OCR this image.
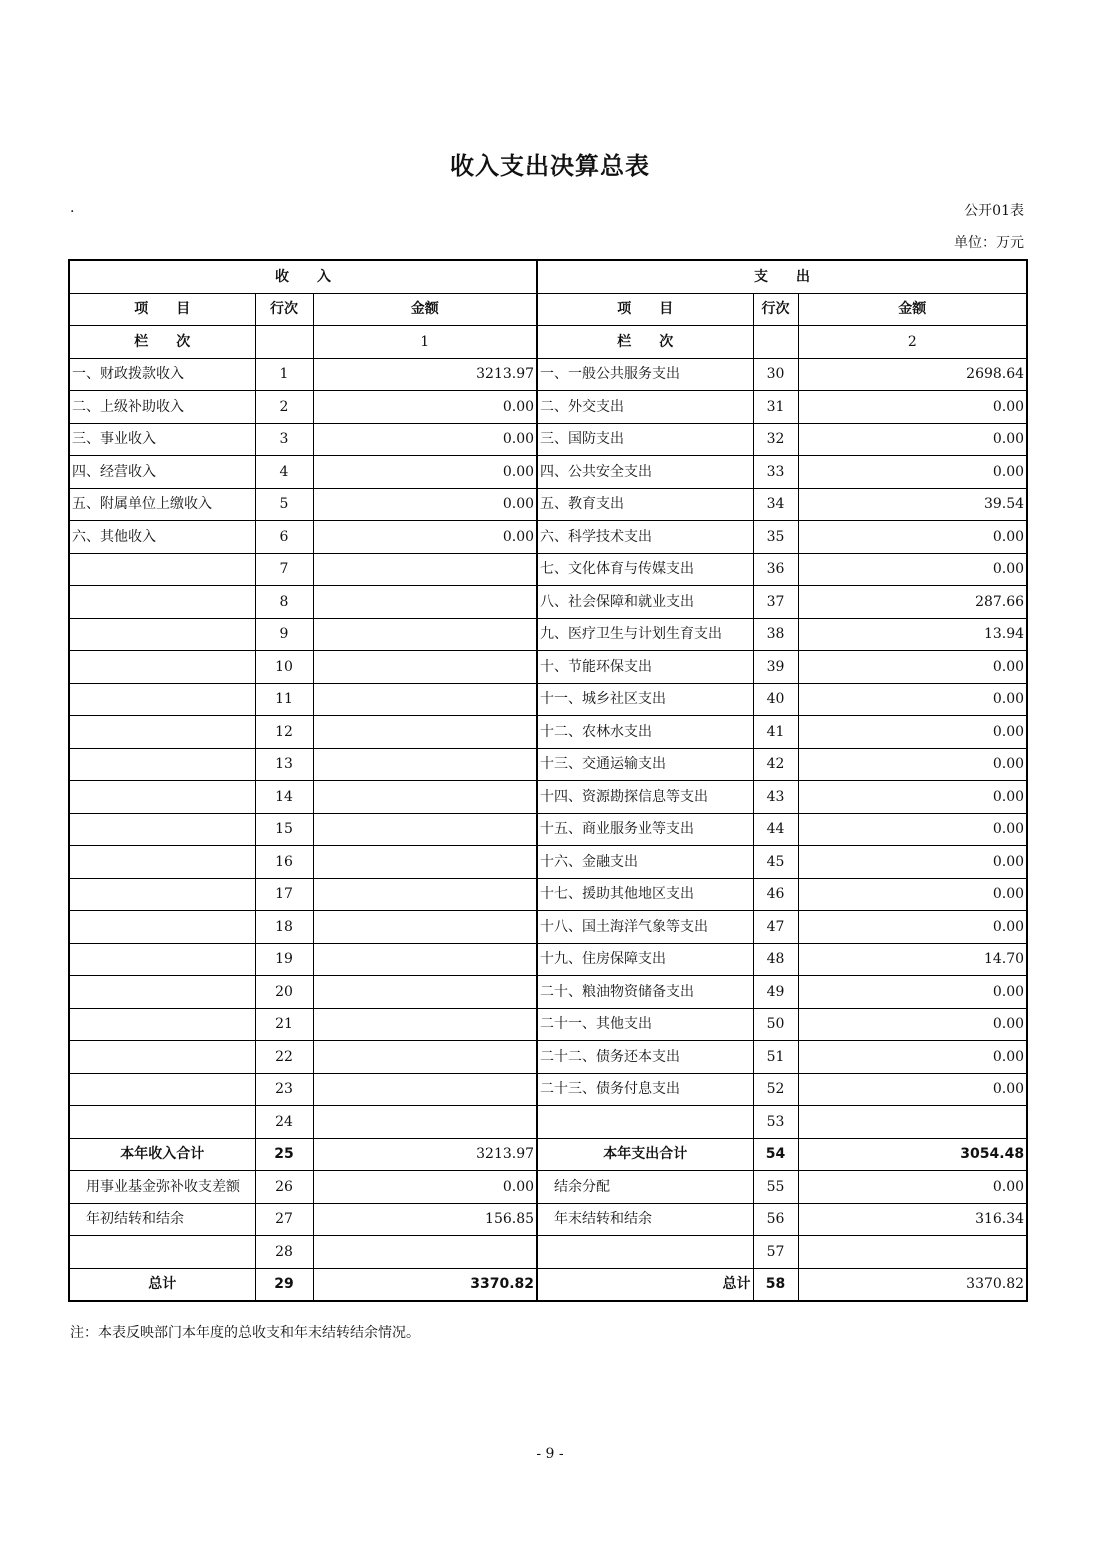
收入支出决算总表
.	公开01表
单位：万元
收　　入			支　　出		
项　　目	行次	金额	项　　目	行次	金额
栏　　次		1	栏　　次		2
一、财政拨款收入	1	3213.97	一、一般公共服务支出	30	2698.64
二、上级补助收入	2	0.00	二、外交支出	31	0.00
三、事业收入	3	0.00	三、国防支出	32	0.00
四、经营收入	4	0.00	四、公共安全支出	33	0.00
五、附属单位上缴收入	5	0.00	五、教育支出	34	39.54
六、其他收入	6	0.00	六、科学技术支出	35	0.00
	7		七、文化体育与传媒支出	36	0.00
	8		八、社会保障和就业支出	37	287.66
	9		九、医疗卫生与计划生育支出	38	13.94
	10		十、节能环保支出	39	0.00
	11		十一、城乡社区支出	40	0.00
	12		十二、农林水支出	41	0.00
	13		十三、交通运输支出	42	0.00
	14		十四、资源勘探信息等支出	43	0.00
	15		十五、商业服务业等支出	44	0.00
	16		十六、金融支出	45	0.00
	17		十七、援助其他地区支出	46	0.00
	18		十八、国土海洋气象等支出	47	0.00
	19		十九、住房保障支出	48	14.70
	20		二十、粮油物资储备支出	49	0.00
	21		二十一、其他支出	50	0.00
	22		二十二、债务还本支出	51	0.00
	23		二十三、债务付息支出	52	0.00
	24			53	
本年收入合计	25	3213.97	本年支出合计	54	3054.48
用事业基金弥补收支差额	26	0.00	结余分配	55	0.00
年初结转和结余	27	156.85	年末结转和结余	56	316.34
	28			57	
总计	29	3370.82	总计	58	3370.82
注：本表反映部门本年度的总收支和年末结转结余情况。
- 9 -
